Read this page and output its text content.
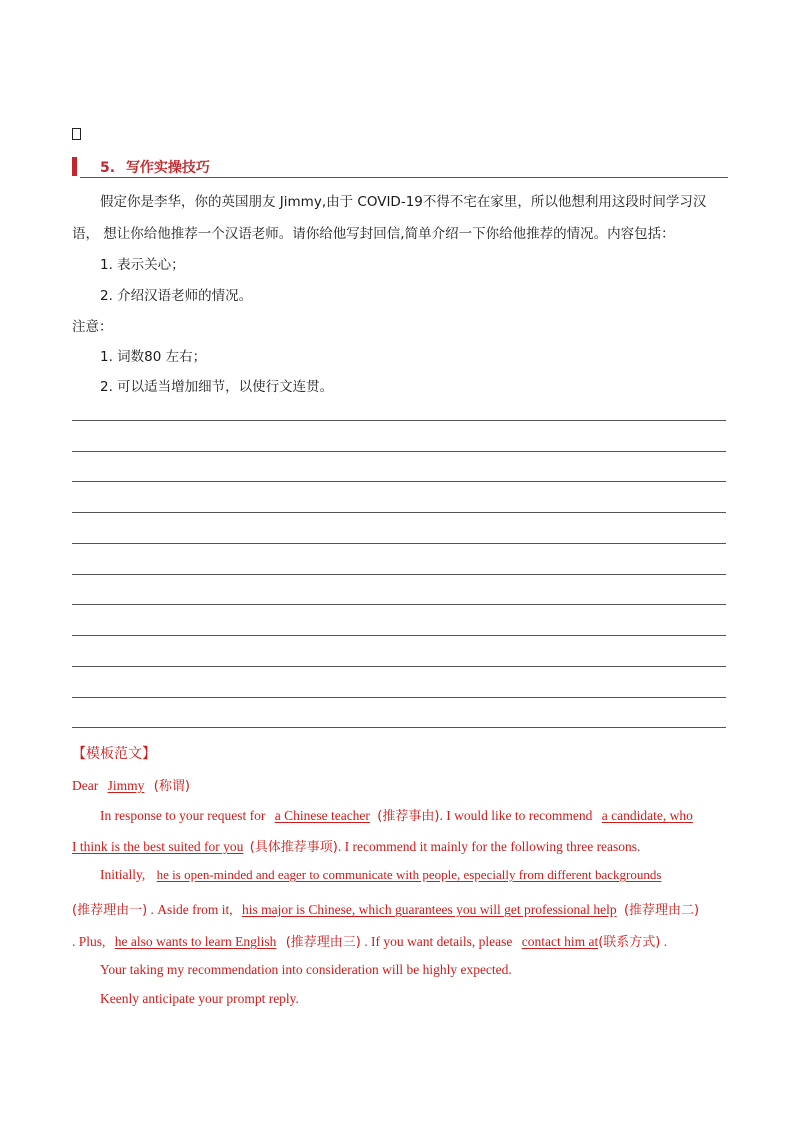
5. 写作实操技巧
假定你是李华，你的英国朋友 Jimmy,由于 COVID-19不得不宅在家里，所以他想利用这段时间学习汉
语， 想让你给他推荐一个汉语老师。请你给他写封回信,简单介绍一下你给他推荐的情况。内容包括：
1. 表示关心；
2. 介绍汉语老师的情况。
注意：
1. 词数80 左右；
2. 可以适当增加细节，以使行文连贯。
【模板范文】
Dear Jimmy (称谓)
In response to your request for a Chinese teacher (推荐事由). I would like to recommend a candidate, who
I think is the best suited for you (具体推荐事项). I recommend it mainly for the following three reasons.
Initially, he is open-minded and eager to communicate with people, especially from different backgrounds
(推荐理由一) . Aside from it, his major is Chinese, which guarantees you will get professional help (推荐理由二)
. Plus, he also wants to learn English (推荐理由三) . If you want details, please contact him at(联系方式) .
Your taking my recommendation into consideration will be highly expected.
Keenly anticipate your prompt reply.
